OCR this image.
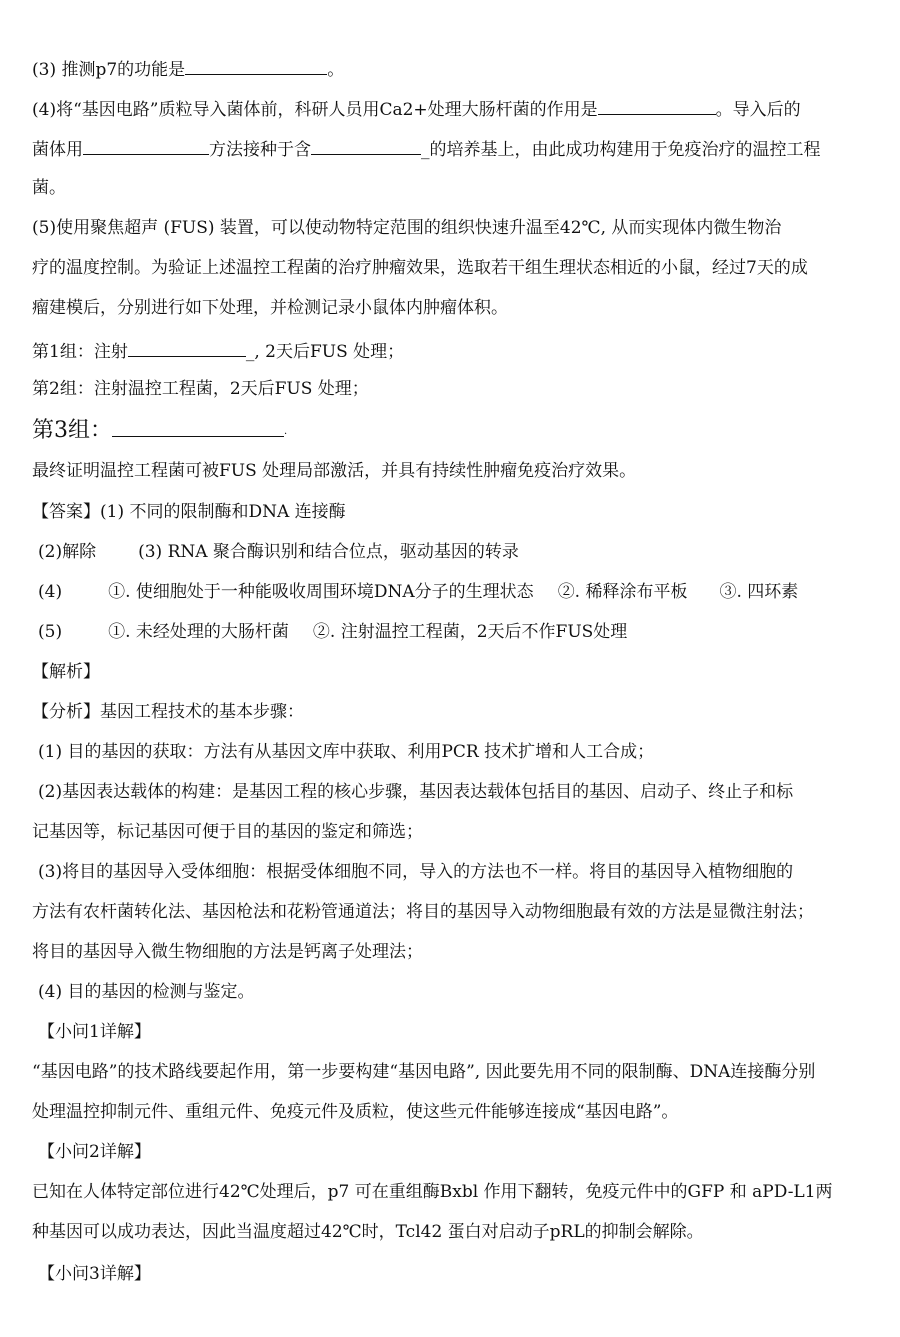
(3) 推测p7的功能是	。
(4)将“基因电路”质粒导入菌体前，科研人员用Ca2+处理大肠杆菌的作用是	。导入后的
菌体用	方法接种于含	_的培养基上，由此成功构建用于免疫治疗的温控工程
菌。
(5)使用聚焦超声 (FUS) 装置，可以使动物特定范围的组织快速升温至42℃, 从而实现体内微生物治
疗的温度控制。为验证上述温控工程菌的治疗肿瘤效果，选取若干组生理状态相近的小鼠，经过7天的成
瘤建模后，分别进行如下处理，并检测记录小鼠体内肿瘤体积。
第1组：注射	_, 2天后FUS 处理；
第2组：注射温控工程菌，2天后FUS 处理；
第3组：	·
最终证明温控工程菌可被FUS 处理局部激活，并具有持续性肿瘤免疫治疗效果。
【答案】(1) 不同的限制酶和DNA 连接酶
(2)解除 (3) RNA 聚合酶识别和结合位点，驱动基因的转录
(4)	①. 使细胞处于一种能吸收周围环境DNA分子的生理状态 ②. 稀释涂布平板 ③. 四环素
(5)	①. 未经处理的大肠杆菌 ②. 注射温控工程菌，2天后不作FUS处理
【解析】
【分析】基因工程技术的基本步骤：
(1) 目的基因的获取：方法有从基因文库中获取、利用PCR 技术扩增和人工合成；
(2)基因表达载体的构建：是基因工程的核心步骤，基因表达载体包括目的基因、启动子、终止子和标
记基因等，标记基因可便于目的基因的鉴定和筛选；
(3)将目的基因导入受体细胞：根据受体细胞不同，导入的方法也不一样。将目的基因导入植物细胞的
方法有农杆菌转化法、基因枪法和花粉管通道法；将目的基因导入动物细胞最有效的方法是显微注射法；
将目的基因导入微生物细胞的方法是钙离子处理法；
(4) 目的基因的检测与鉴定。
【小问1详解】
“基因电路”的技术路线要起作用，第一步要构建“基因电路”, 因此要先用不同的限制酶、DNA连接酶分别
处理温控抑制元件、重组元件、免疫元件及质粒，使这些元件能够连接成“基因电路”。
【小问2详解】
已知在人体特定部位进行42℃处理后，p7 可在重组酶Bxbl 作用下翻转，免疫元件中的GFP 和 aPD-L1两
种基因可以成功表达，因此当温度超过42℃时，Tcl42 蛋白对启动子pRL的抑制会解除。
【小问3详解】
